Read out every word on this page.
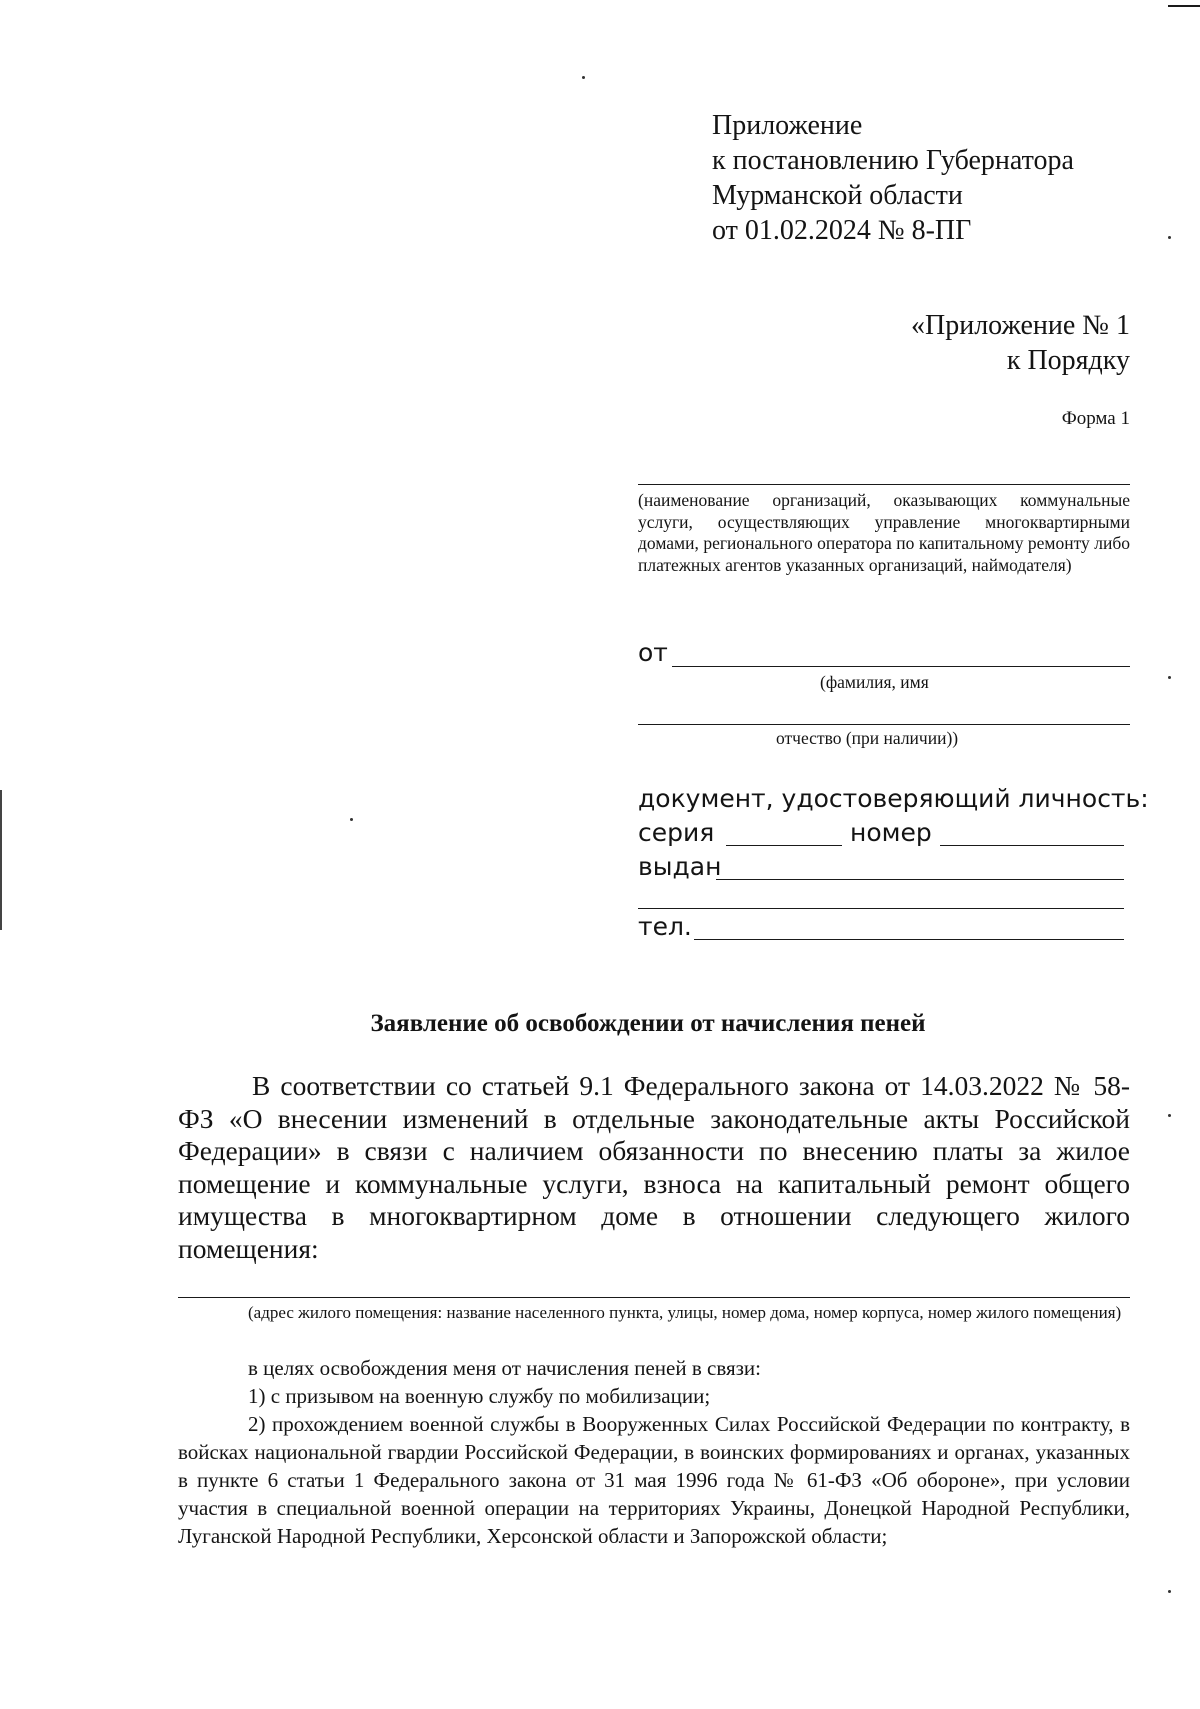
Приложение
к постановлению Губернатора
Мурманской области
от 01.02.2024 № 8-ПГ
«Приложение № 1
к Порядку
Форма 1
(наименование организаций, оказывающих коммунальные услуги, осуществляющих управление многоквартирными домами, регионального оператора по капитальному ремонту либо платежных агентов указанных организаций, наймодателя)
от
(фамилия, имя
отчество (при наличии))
документ, удостоверяющий личность:
серия	номер
выдан
тел.
Заявление об освобождении от начисления пеней
В соответствии со статьей 9.1 Федерального закона от 14.03.2022 № 58-ФЗ «О внесении изменений в отдельные законодательные акты Российской Федерации» в связи с наличием обязанности по внесению платы за жилое помещение и коммунальные услуги, взноса на капитальный ремонт общего имущества в многоквартирном доме в отношении следующего жилого помещения:
(адрес жилого помещения: название населенного пункта, улицы, номер дома, номер корпуса, номер жилого помещения)
в целях освобождения меня от начисления пеней в связи:
1) с призывом на военную службу по мобилизации;
2) прохождением военной службы в Вооруженных Силах Российской Федерации по контракту, в войсках национальной гвардии Российской Федерации, в воинских формированиях и органах, указанных в пункте 6 статьи 1 Федерального закона от 31 мая 1996 года № 61-ФЗ «Об обороне», при условии участия в специальной военной операции на территориях Украины, Донецкой Народной Республики, Луганской Народной Республики, Херсонской области и Запорожской области;
